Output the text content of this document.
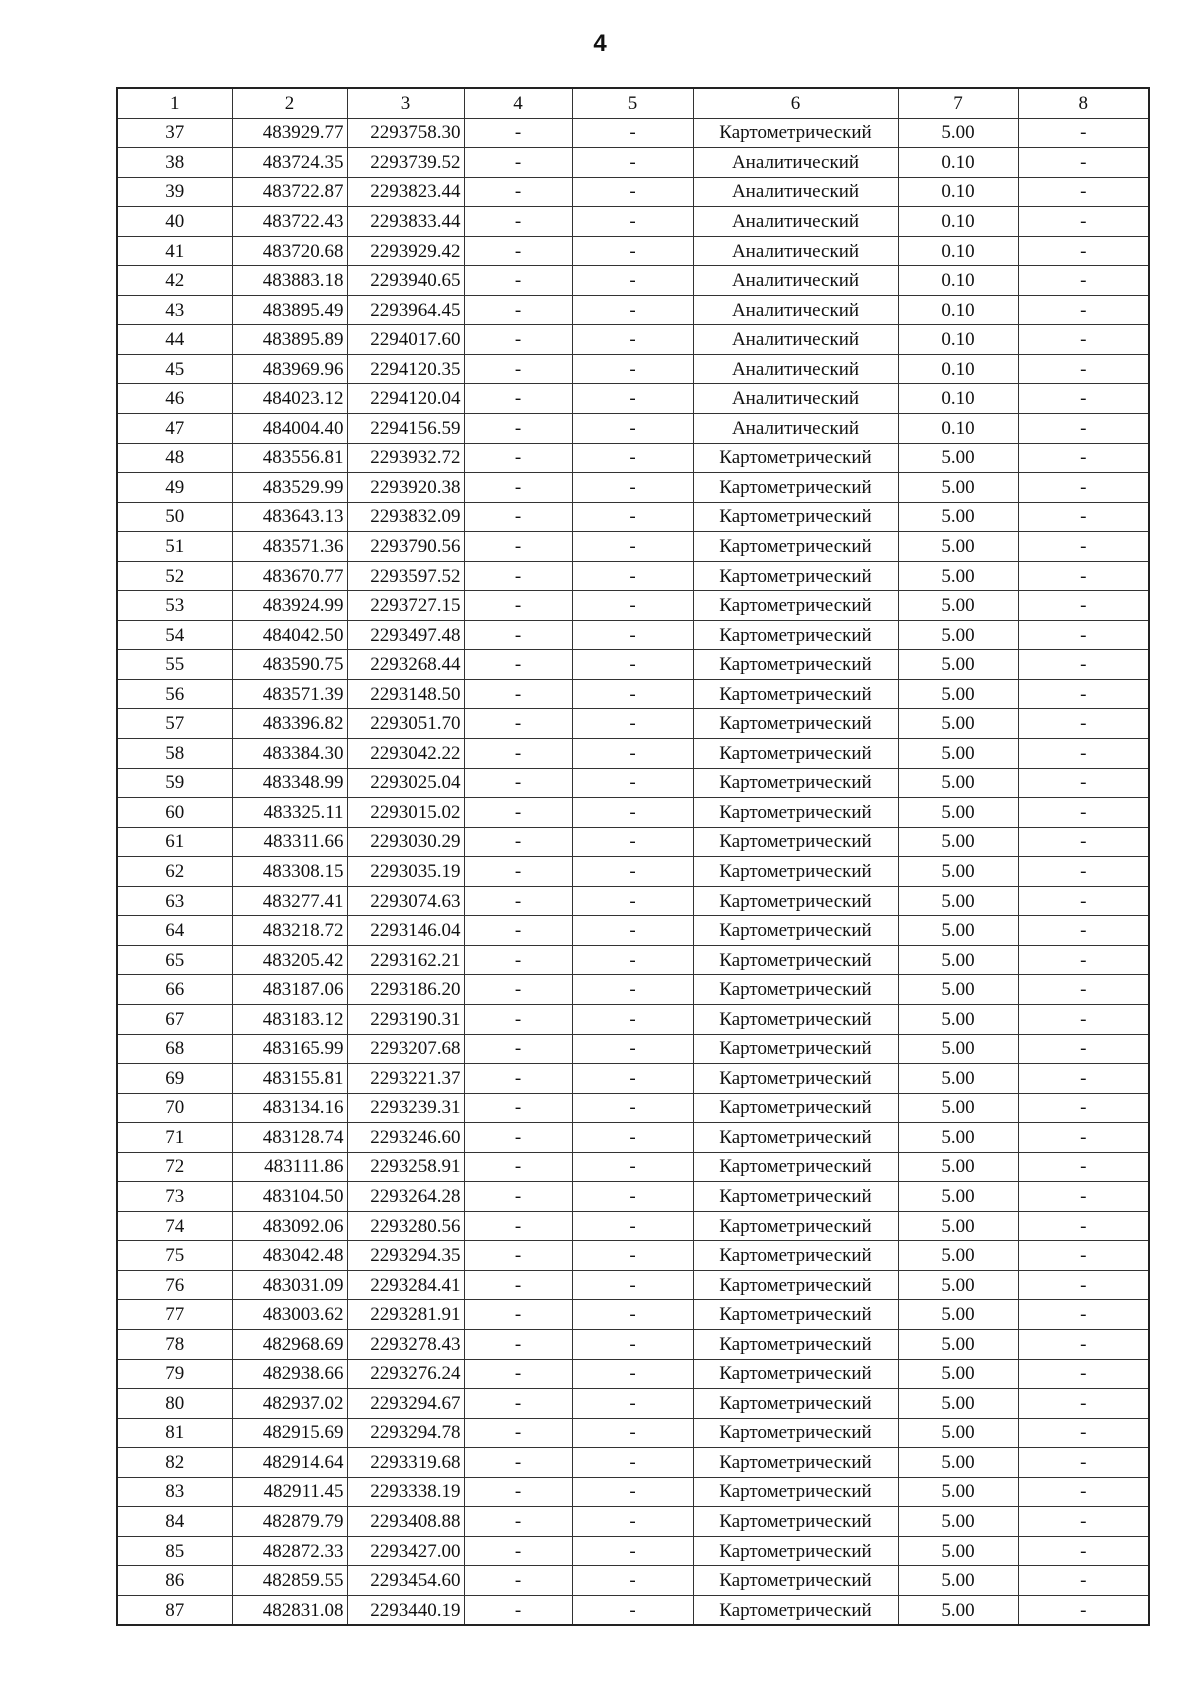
4
1	2	3	4	5	6	7	8
37	483929.77	2293758.30	-	-	Картометрический	5.00	-
38	483724.35	2293739.52	-	-	Аналитический	0.10	-
39	483722.87	2293823.44	-	-	Аналитический	0.10	-
40	483722.43	2293833.44	-	-	Аналитический	0.10	-
41	483720.68	2293929.42	-	-	Аналитический	0.10	-
42	483883.18	2293940.65	-	-	Аналитический	0.10	-
43	483895.49	2293964.45	-	-	Аналитический	0.10	-
44	483895.89	2294017.60	-	-	Аналитический	0.10	-
45	483969.96	2294120.35	-	-	Аналитический	0.10	-
46	484023.12	2294120.04	-	-	Аналитический	0.10	-
47	484004.40	2294156.59	-	-	Аналитический	0.10	-
48	483556.81	2293932.72	-	-	Картометрический	5.00	-
49	483529.99	2293920.38	-	-	Картометрический	5.00	-
50	483643.13	2293832.09	-	-	Картометрический	5.00	-
51	483571.36	2293790.56	-	-	Картометрический	5.00	-
52	483670.77	2293597.52	-	-	Картометрический	5.00	-
53	483924.99	2293727.15	-	-	Картометрический	5.00	-
54	484042.50	2293497.48	-	-	Картометрический	5.00	-
55	483590.75	2293268.44	-	-	Картометрический	5.00	-
56	483571.39	2293148.50	-	-	Картометрический	5.00	-
57	483396.82	2293051.70	-	-	Картометрический	5.00	-
58	483384.30	2293042.22	-	-	Картометрический	5.00	-
59	483348.99	2293025.04	-	-	Картометрический	5.00	-
60	483325.11	2293015.02	-	-	Картометрический	5.00	-
61	483311.66	2293030.29	-	-	Картометрический	5.00	-
62	483308.15	2293035.19	-	-	Картометрический	5.00	-
63	483277.41	2293074.63	-	-	Картометрический	5.00	-
64	483218.72	2293146.04	-	-	Картометрический	5.00	-
65	483205.42	2293162.21	-	-	Картометрический	5.00	-
66	483187.06	2293186.20	-	-	Картометрический	5.00	-
67	483183.12	2293190.31	-	-	Картометрический	5.00	-
68	483165.99	2293207.68	-	-	Картометрический	5.00	-
69	483155.81	2293221.37	-	-	Картометрический	5.00	-
70	483134.16	2293239.31	-	-	Картометрический	5.00	-
71	483128.74	2293246.60	-	-	Картометрический	5.00	-
72	483111.86	2293258.91	-	-	Картометрический	5.00	-
73	483104.50	2293264.28	-	-	Картометрический	5.00	-
74	483092.06	2293280.56	-	-	Картометрический	5.00	-
75	483042.48	2293294.35	-	-	Картометрический	5.00	-
76	483031.09	2293284.41	-	-	Картометрический	5.00	-
77	483003.62	2293281.91	-	-	Картометрический	5.00	-
78	482968.69	2293278.43	-	-	Картометрический	5.00	-
79	482938.66	2293276.24	-	-	Картометрический	5.00	-
80	482937.02	2293294.67	-	-	Картометрический	5.00	-
81	482915.69	2293294.78	-	-	Картометрический	5.00	-
82	482914.64	2293319.68	-	-	Картометрический	5.00	-
83	482911.45	2293338.19	-	-	Картометрический	5.00	-
84	482879.79	2293408.88	-	-	Картометрический	5.00	-
85	482872.33	2293427.00	-	-	Картометрический	5.00	-
86	482859.55	2293454.60	-	-	Картометрический	5.00	-
87	482831.08	2293440.19	-	-	Картометрический	5.00	-
